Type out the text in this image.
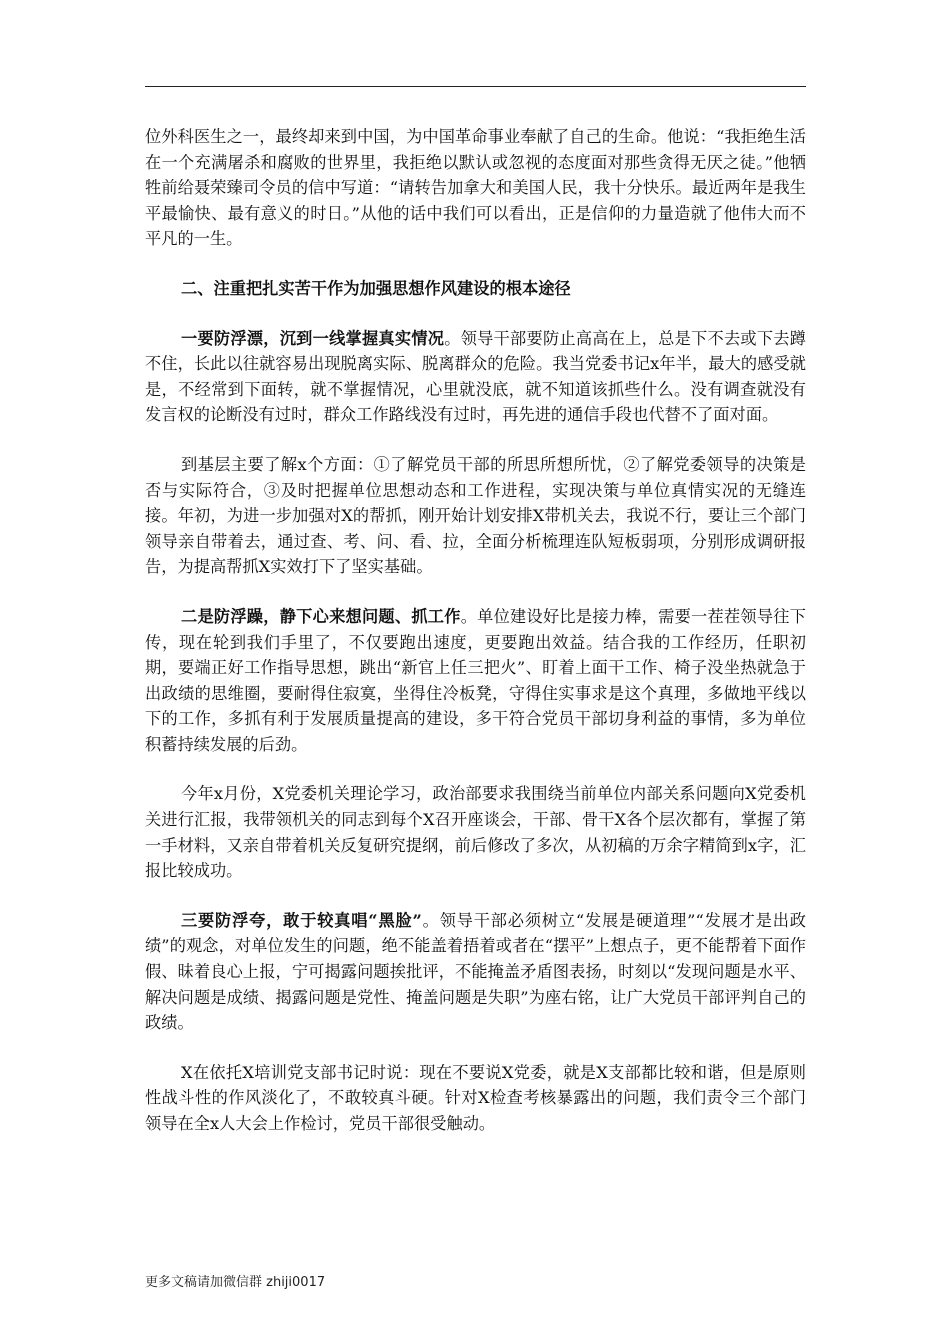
位外科医生之一，最终却来到中国，为中国革命事业奉献了自己的生命。他说：“我拒绝生活在一个充满屠杀和腐败的世界里，我拒绝以默认或忽视的态度面对那些贪得无厌之徒。”他牺牲前给聂荣臻司令员的信中写道：“请转告加拿大和美国人民，我十分快乐。最近两年是我生平最愉快、最有意义的时日。”从他的话中我们可以看出，正是信仰的力量造就了他伟大而不平凡的一生。

二、注重把扎实苦干作为加强思想作风建设的根本途径

一要防浮漂，沉到一线掌握真实情况。领导干部要防止高高在上，总是下不去或下去蹲不住，长此以往就容易出现脱离实际、脱离群众的危险。我当党委书记x年半，最大的感受就是，不经常到下面转，就不掌握情况，心里就没底，就不知道该抓些什么。没有调查就没有发言权的论断没有过时，群众工作路线没有过时，再先进的通信手段也代替不了面对面。

到基层主要了解x个方面：①了解党员干部的所思所想所忧，②了解党委领导的决策是否与实际符合，③及时把握单位思想动态和工作进程，实现决策与单位真情实况的无缝连接。年初，为进一步加强对X的帮抓，刚开始计划安排X带机关去，我说不行，要让三个部门领导亲自带着去，通过查、考、问、看、拉，全面分析梳理连队短板弱项，分别形成调研报告，为提高帮抓X实效打下了坚实基础。

二是防浮躁，静下心来想问题、抓工作。单位建设好比是接力棒，需要一茬茬领导往下传，现在轮到我们手里了，不仅要跑出速度，更要跑出效益。结合我的工作经历，任职初期，要端正好工作指导思想，跳出“新官上任三把火”、盯着上面干工作、椅子没坐热就急于出政绩的思维圈，要耐得住寂寞，坐得住冷板凳，守得住实事求是这个真理，多做地平线以下的工作，多抓有利于发展质量提高的建设，多干符合党员干部切身利益的事情，多为单位积蓄持续发展的后劲。

今年x月份，X党委机关理论学习，政治部要求我围绕当前单位内部关系问题向X党委机关进行汇报，我带领机关的同志到每个X召开座谈会，干部、骨干X各个层次都有，掌握了第一手材料，又亲自带着机关反复研究提纲，前后修改了多次，从初稿的万余字精简到x字，汇报比较成功。

三要防浮夸，敢于较真唱“黑脸”。领导干部必须树立“发展是硬道理”“发展才是出政绩”的观念，对单位发生的问题，绝不能盖着捂着或者在“摆平”上想点子，更不能帮着下面作假、昧着良心上报，宁可揭露问题挨批评，不能掩盖矛盾图表扬，时刻以“发现问题是水平、解决问题是成绩、揭露问题是党性、掩盖问题是失职”为座右铭，让广大党员干部评判自己的政绩。

X在依托X培训党支部书记时说：现在不要说X党委，就是X支部都比较和谐，但是原则性战斗性的作风淡化了，不敢较真斗硬。针对X检查考核暴露出的问题，我们责令三个部门领导在全x人大会上作检讨，党员干部很受触动。

更多文稿请加微信群 zhiji0017
